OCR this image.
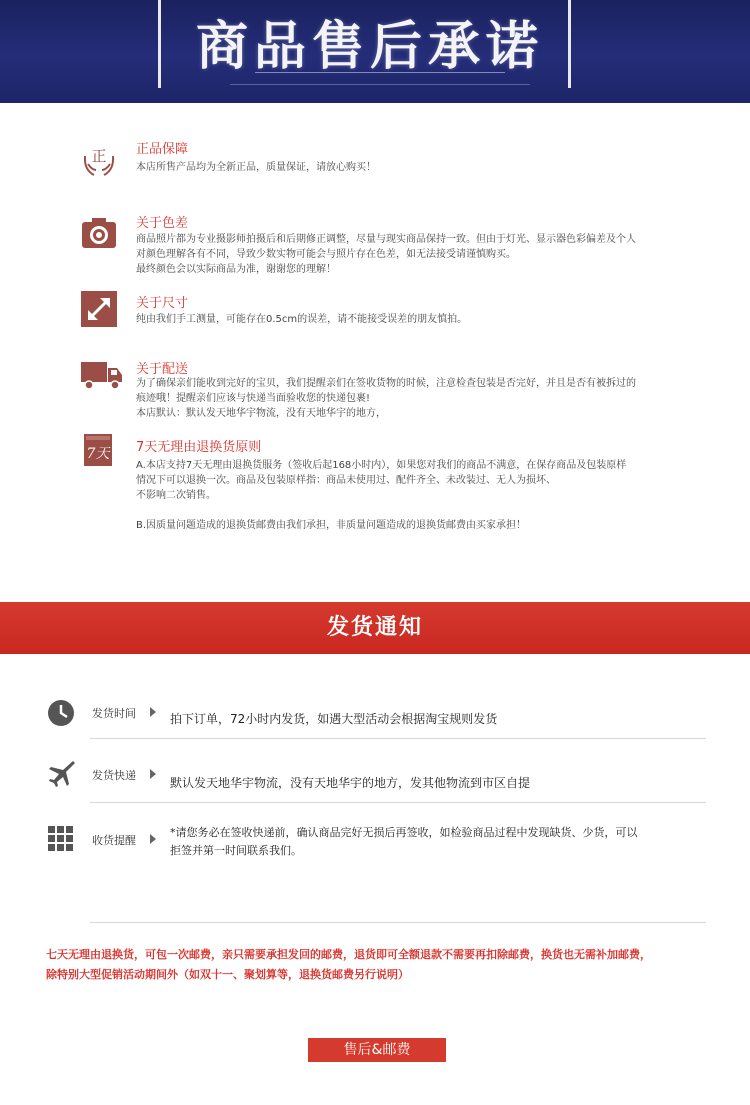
商品售后承诺
正 正品保障

本店所售产品均为全新正品，质量保证，请放心购买！

关于色差

商品照片都为专业摄影师拍摄后和后期修正调整，尽量与现实商品保持一致。但由于灯光、显示器色彩偏差及个人

对颜色理解各有不同，导致少数实物可能会与照片存在色差，如无法接受请谨慎购买。

最终颜色会以实际商品为准，谢谢您的理解！

关于尺寸

纯由我们手工测量，可能存在0.5cm的误差，请不能接受误差的朋友慎拍。

关于配送

为了确保亲们能收到完好的宝贝，我们提醒亲们在签收货物的时候，注意检查包装是否完好，并且是否有被拆过的

痕迹哦！提醒亲们应该与快递当面验收您的快递包裹!

本店默认：默认发天地华宇物流，没有天地华宇的地方，

7天 7天无理由退换货原则

A.本店支持7天无理由退换货服务（签收后起168小时内），如果您对我们的商品不满意，在保存商品及包装原样

情况下可以退换一次。商品及包装原样指：商品未使用过、配件齐全、未改装过、无人为损坏、

不影响二次销售。

B.因质量问题造成的退换货邮费由我们承担，非质量问题造成的退换货邮费由买家承担！

发货通知
发货时间	拍下订单，72小时内发货，如遇大型活动会根据淘宝规则发货

发货快递

默认发天地华宇物流，没有天地华宇的地方，发其他物流到市区自提

收货提醒

*请您务必在签收快递前，确认商品完好无损后再签收，如检验商品过程中发现缺货、少货，可以

拒签并第一时间联系我们。

七天无理由退换货，可包一次邮费，亲只需要承担发回的邮费，退货即可全额退款不需要再扣除邮费，换货也无需补加邮费，

除特别大型促销活动期间外（如双十一、聚划算等，退换货邮费另行说明）

售后&邮费
